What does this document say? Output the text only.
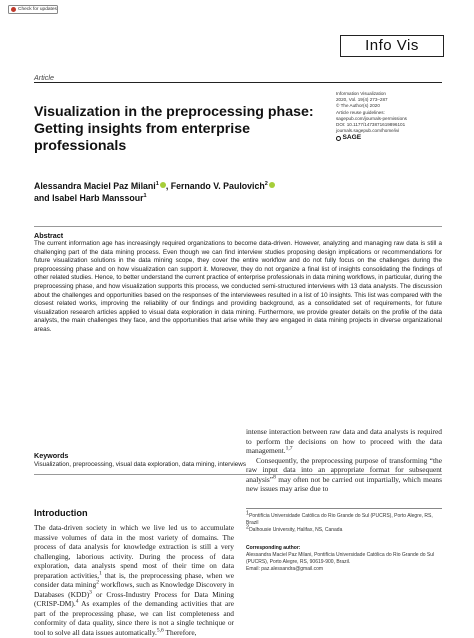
Check for updates
Info Vis
Article
Visualization in the preprocessing phase: Getting insights from enterprise professionals
Information Visualization
2020, Vol. 19(4) 273–287
© The Author(s) 2020
Article reuse guidelines:
sagepub.com/journals-permissions
DOI: 10.1177/1473871619896101
journals.sagepub.com/home/ivi
SAGE
Alessandra Maciel Paz Milani$^1$ , Fernando V. Paulovich$^2$
and Isabel Harb Manssour$^1$
Abstract
The current information age has increasingly required organizations to become data-driven. However, analyzing and managing raw data is still a challenging part of the data mining process. Even though we can find interview studies proposing design implications or recommendations for future visualization solutions in the data mining scope, they cover the entire workflow and do not fully focus on the challenges during the preprocessing phase and on how visualization can support it. Moreover, they do not organize a final list of insights consolidating the findings of other related studies. Hence, to better understand the current practice of enterprise professionals in data mining workflows, in particular, during the preprocessing phase, and how visualization supports this process, we conducted semi-structured interviews with 13 data analysts. The discussion about the challenges and opportunities based on the responses of the interviewees resulted in a list of 10 insights. This list was compared with the closest related works, improving the reliability of our findings and providing background, as a consolidated set of requirements, for future visualization research articles applied to visual data exploration in data mining. Furthermore, we provide greater details on the profile of the data analysts, the main challenges they face, and the opportunities that arise while they are engaged in data mining projects in diverse organizational areas.
Keywords
Visualization, preprocessing, visual data exploration, data mining, interviews
Introduction

The data-driven society in which we live led us to accumulate massive volumes of data in the most variety of domains. The process of data analysis for knowledge extraction is still a very challenging, laborious activity. During the process of data exploration, data analysts spend most of their time on data preparation activities,$^1$ that is, the preprocessing phase, when we consider data mining$^2$ workflows, such as Knowledge Discovery in Databases (KDD)$^3$ or Cross-Industry Process for Data Mining (CRISP-DM).$^4$ As examples of the demanding activities that are part of the preprocessing phase, we can list completeness and conformity of data quality, since there is not a single technique or tool to solve all data issues automatically.$^{5,6}$ Therefore,

intense interaction between raw data and data analysts is required to perform the decisions on how to proceed with the data management.$^{1,7}$

Consequently, the preprocessing purpose of transforming “the raw input data into an appropriate format for subsequent analysis”$^8$ may often not be carried out impartially, which means new issues may arise due to

$^1$Pontifícia Universidade Católica do Rio Grande do Sul (PUCRS), Porto Alegre, RS, Brazil
$^2$Dalhousie University, Halifax, NS, Canada
Corresponding author:
Alessandra Maciel Paz Milani, Pontifícia Universidade Católica do Rio Grande do Sul (PUCRS), Porto Alegre, RS, 90619-900, Brazil.
Email: paz.alessandra@gmail.com
